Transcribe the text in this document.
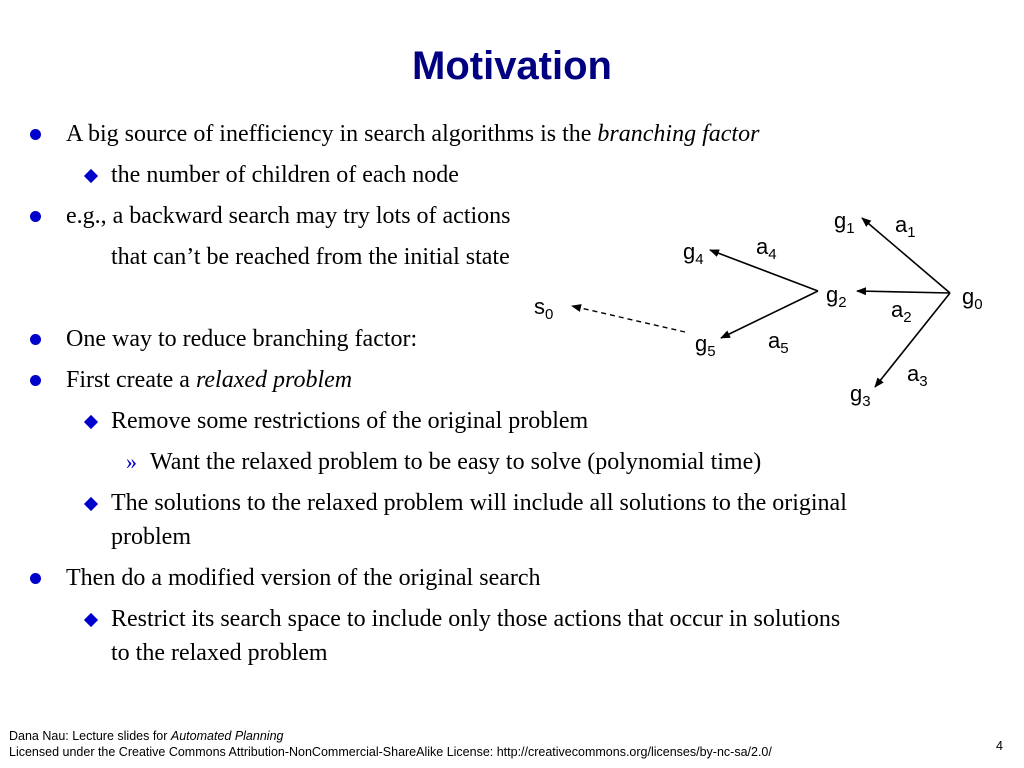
Motivation
A big source of inefficiency in search algorithms is the branching factor
the number of children of each node
e.g., a backward search may try lots of actions
that can’t be reached from the initial state
One way to reduce branching factor:
First create a relaxed problem
Remove some restrictions of the original problem
» Want the relaxed problem to be easy to solve (polynomial time)
The solutions to the relaxed problem will include all solutions to the original
problem
Then do a modified version of the original search
Restrict its search space to include only those actions that occur in solutions
to the relaxed problem
$g_1$ $a_1$
$g_4$
$a_4$
$g_2$	$g_0$
$a_2$
$s_0$
$g_5$ $a_5$
$a_3$
$g_3$
Dana Nau: Lecture slides for Automated Planning
Licensed under the Creative Commons Attribution-NonCommercial-ShareAlike License: http://creativecommons.org/licenses/by-nc-sa/2.0/	4
